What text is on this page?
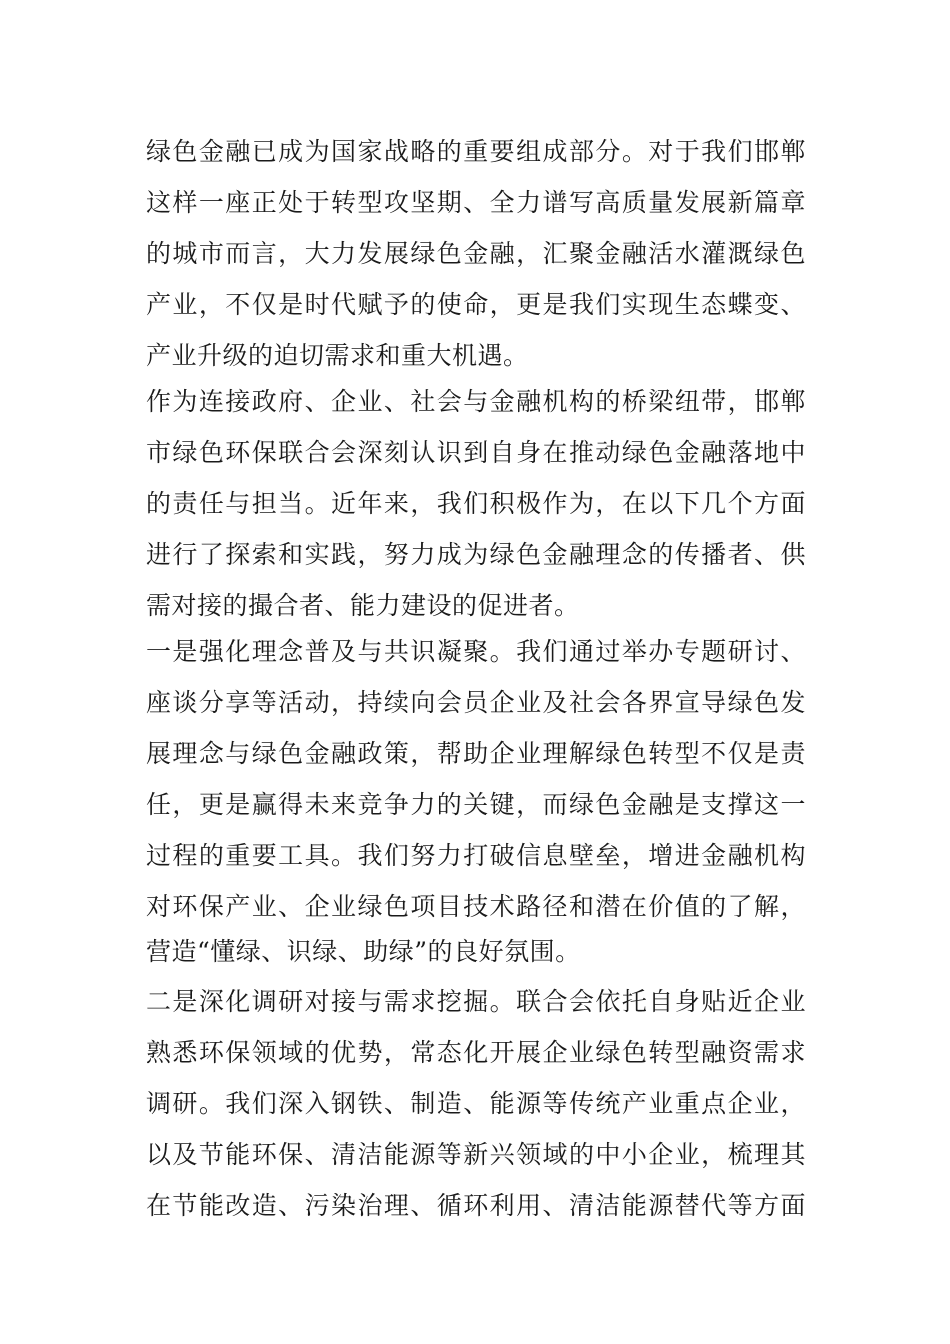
绿色金融已成为国家战略的重要组成部分。对于我们邯郸
这样一座正处于转型攻坚期、全力谱写高质量发展新篇章
的城市而言，大力发展绿色金融，汇聚金融活水灌溉绿色
产业，不仅是时代赋予的使命，更是我们实现生态蝶变、
产业升级的迫切需求和重大机遇。
作为连接政府、企业、社会与金融机构的桥梁纽带，邯郸
市绿色环保联合会深刻认识到自身在推动绿色金融落地中
的责任与担当。近年来，我们积极作为，在以下几个方面
进行了探索和实践，努力成为绿色金融理念的传播者、供
需对接的撮合者、能力建设的促进者。
一是强化理念普及与共识凝聚。我们通过举办专题研讨、
座谈分享等活动，持续向会员企业及社会各界宣导绿色发
展理念与绿色金融政策，帮助企业理解绿色转型不仅是责
任，更是赢得未来竞争力的关键，而绿色金融是支撑这一
过程的重要工具。我们努力打破信息壁垒，增进金融机构
对环保产业、企业绿色项目技术路径和潜在价值的了解，
营造“懂绿、识绿、助绿”的良好氛围。
二是深化调研对接与需求挖掘。联合会依托自身贴近企业
熟悉环保领域的优势，常态化开展企业绿色转型融资需求
调研。我们深入钢铁、制造、能源等传统产业重点企业，
以及节能环保、清洁能源等新兴领域的中小企业，梳理其
在节能改造、污染治理、循环利用、清洁能源替代等方面
